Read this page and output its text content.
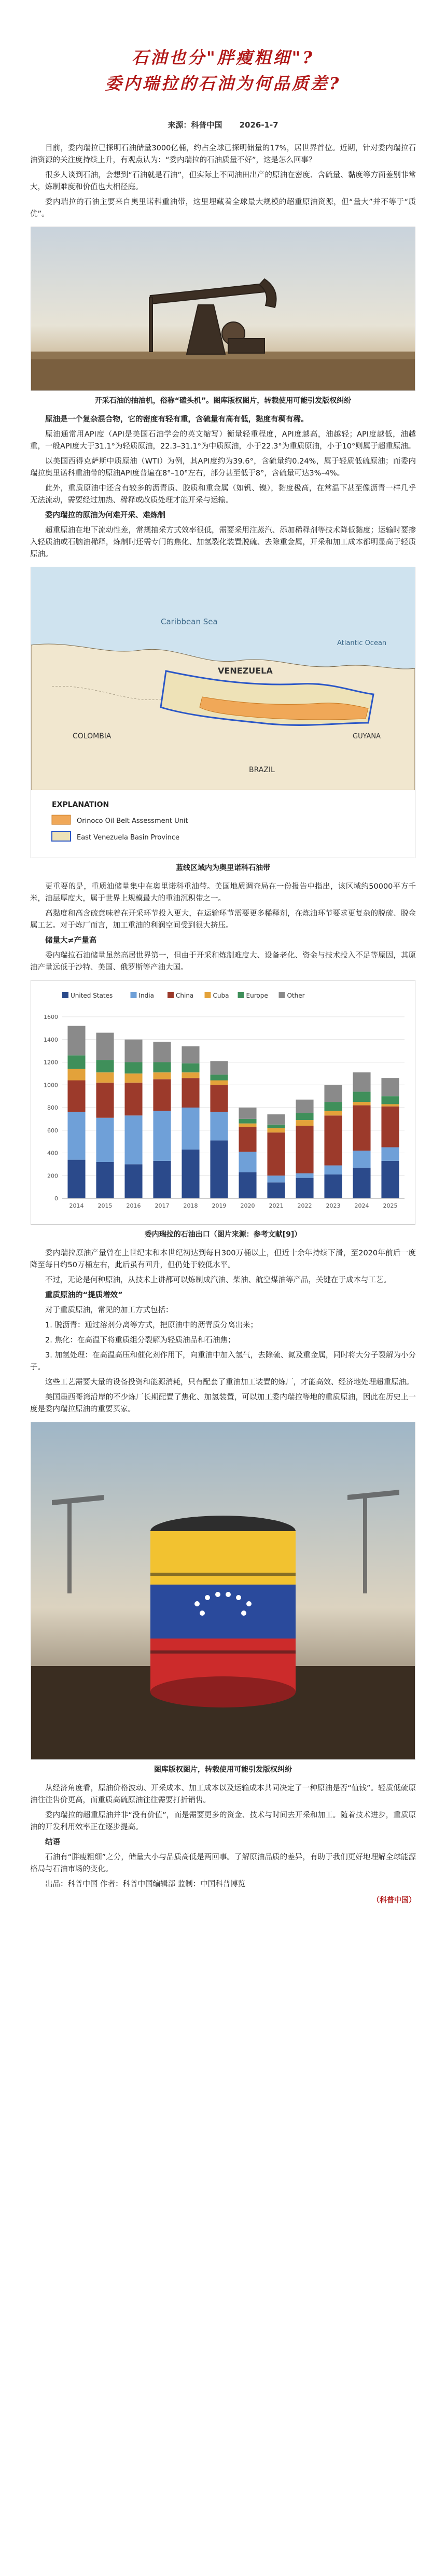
石油也分"胖瘦粗细"?
委内瑞拉的石油为何品质差?
来源：科普中国 2026-1-7

目前，委内瑞拉已探明石油储量3000亿桶，约占全球已探明储量的17%，居世界首位。近期，针对委内瑞拉石油资源的关注度持续上升，有观点认为：“委内瑞拉的石油质量不好”，这是怎么回事？

很多人谈到石油，会想到“石油就是石油”，但实际上不同油田出产的原油在密度、含硫量、黏度等方面差别非常大，炼制难度和价值也大相径庭。

委内瑞拉的石油主要来自奥里诺科重油带，这里埋藏着全球最大规模的超重原油资源，但“量大”并不等于“质优”。

开采石油的抽油机，俗称“磕头机”。图库版权图片，转载使用可能引发版权纠纷

原油是一个复杂混合物，它的密度有轻有重，含硫量有高有低，黏度有稠有稀。

原油通常用API度（API是美国石油学会的英文缩写）衡量轻重程度，API度越高，油越轻；API度越低，油越重，一般API度大于31.1°为轻质原油，22.3–31.1°为中质原油，小于22.3°为重质原油，小于10°则属于超重原油。

以美国西得克萨斯中质原油（WTI）为例，其API度约为39.6°，含硫量约0.24%，属于轻质低硫原油；而委内瑞拉奥里诺科重油带的原油API度普遍在8°–10°左右，部分甚至低于8°，含硫量可达3%–4%。

此外，重质原油中还含有较多的沥青质、胶质和重金属（如钒、镍），黏度极高，在常温下甚至像沥青一样几乎无法流动，需要经过加热、稀释或改质处理才能开采与运输。

委内瑞拉的原油为何难开采、难炼制

超重原油在地下流动性差，常规抽采方式效率很低，需要采用注蒸汽、添加稀释剂等技术降低黏度；运输时要掺入轻质油或石脑油稀释，炼制时还需专门的焦化、加氢裂化装置脱硫、去除重金属，开采和加工成本都明显高于轻质原油。

Caribbean Sea
VENEZUELA
COLOMBIA
BRAZIL
GUYANA
Atlantic Ocean
EXPLANATION
Orinoco Oil Belt Assessment Unit
East Venezuela Basin Province
蓝线区域内为奥里诺科石油带

更重要的是，重质油储量集中在奥里诺科重油带。美国地质调查局在一份报告中指出，该区域约50000平方千米，油层厚度大，属于世界上规模最大的重油沉积带之一。

高黏度和高含硫意味着在开采环节投入更大，在运输环节需要更多稀释剂，在炼油环节要求更复杂的脱硫、脱金属工艺。对于炼厂而言，加工重油的利润空间受到很大挤压。

储量大≠产量高

委内瑞拉石油储量虽然高居世界第一，但由于开采和炼制难度大、设备老化、资金与技术投入不足等原因，其原油产量远低于沙特、美国、俄罗斯等产油大国。

United States	India	China	Cuba	Europe	Other
0
200
400
600
800
1000
1200
1400
1600
2014 2015 2016 2017 2018 2019 2020 2021 2022 2023 2024 2025
委内瑞拉的石油出口（图片来源：参考文献[9]）

委内瑞拉原油产量曾在上世纪末和本世纪初达到每日300万桶以上，但近十余年持续下滑，至2020年前后一度降至每日约50万桶左右，此后虽有回升，但仍处于较低水平。

不过，无论是何种原油，从技术上讲都可以炼制成汽油、柴油、航空煤油等产品，关键在于成本与工艺。

重质原油的“提质增效”

对于重质原油，常见的加工方式包括：

1. 脱沥青：通过溶剂分离等方式，把原油中的沥青质分离出来；

2. 焦化：在高温下将重质组分裂解为轻质油品和石油焦；

3. 加氢处理：在高温高压和催化剂作用下，向重油中加入氢气，去除硫、氮及重金属，同时将大分子裂解为小分子。

这些工艺需要大量的设备投资和能源消耗，只有配套了重油加工装置的炼厂，才能高效、经济地处理超重原油。

美国墨西哥湾沿岸的不少炼厂长期配置了焦化、加氢装置，可以加工委内瑞拉等地的重质原油，因此在历史上一度是委内瑞拉原油的重要买家。

图库版权图片，转载使用可能引发版权纠纷

从经济角度看，原油价格波动、开采成本、加工成本以及运输成本共同决定了一种原油是否“值钱”。轻质低硫原油往往售价更高，而重质高硫原油往往需要打折销售。

委内瑞拉的超重原油并非“没有价值”，而是需要更多的资金、技术与时间去开采和加工。随着技术进步，重质原油的开发利用效率正在逐步提高。

结语

石油有“胖瘦粗细”之分，储量大小与品质高低是两回事。了解原油品质的差异，有助于我们更好地理解全球能源格局与石油市场的变化。

出品：科普中国 作者：科普中国编辑部 监制：中国科普博览

（科普中国）
